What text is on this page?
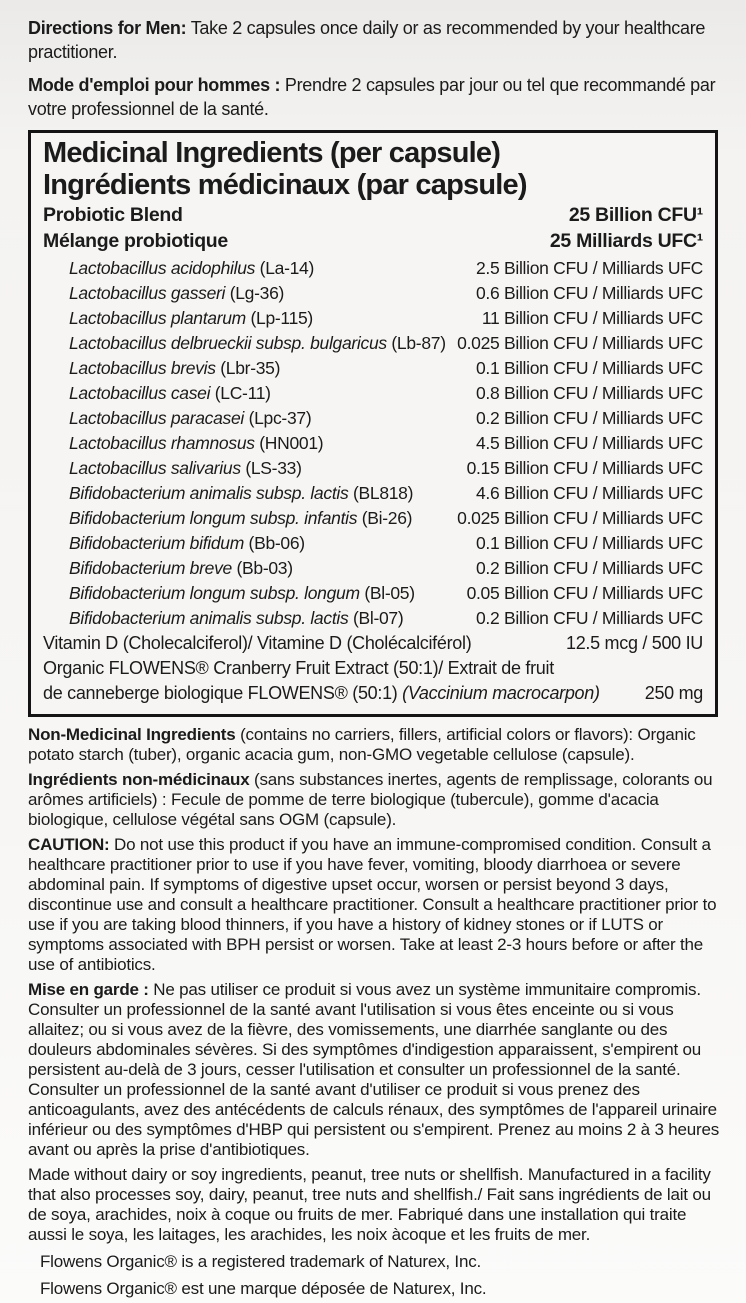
Directions for Men: Take 2 capsules once daily or as recommended by your healthcare practitioner.

Mode d'emploi pour hommes : Prendre 2 capsules par jour ou tel que recommandé par votre professionnel de la santé.

Medicinal Ingredients (per capsule)
Ingrédients médicinaux (par capsule)
Probiotic Blend	25 Billion CFU¹
Mélange probiotique	25 Milliards UFC¹
Lactobacillus acidophilus (La-14)	2.5 Billion CFU / Milliards UFC
Lactobacillus gasseri (Lg-36)	0.6 Billion CFU / Milliards UFC
Lactobacillus plantarum (Lp-115)	11 Billion CFU / Milliards UFC
Lactobacillus delbrueckii subsp. bulgaricus (Lb-87) 0.025 Billion CFU / Milliards UFC
Lactobacillus brevis (Lbr-35)	0.1 Billion CFU / Milliards UFC
Lactobacillus casei (LC-11)	0.8 Billion CFU / Milliards UFC
Lactobacillus paracasei (Lpc-37)	0.2 Billion CFU / Milliards UFC
Lactobacillus rhamnosus (HN001)	4.5 Billion CFU / Milliards UFC
Lactobacillus salivarius (LS-33)	0.15 Billion CFU / Milliards UFC
Bifidobacterium animalis subsp. lactis (BL818)	4.6 Billion CFU / Milliards UFC
Bifidobacterium longum subsp. infantis (Bi-26)	0.025 Billion CFU / Milliards UFC
Bifidobacterium bifidum (Bb-06)	0.1 Billion CFU / Milliards UFC
Bifidobacterium breve (Bb-03)	0.2 Billion CFU / Milliards UFC
Bifidobacterium longum subsp. longum (Bl-05)	0.05 Billion CFU / Milliards UFC
Bifidobacterium animalis subsp. lactis (Bl-07)	0.2 Billion CFU / Milliards UFC
Vitamin D (Cholecalciferol)/ Vitamine D (Cholécalciférol)	12.5 mcg / 500 IU
Organic FLOWENS® Cranberry Fruit Extract (50:1)/ Extrait de fruit
de canneberge biologique FLOWENS® (50:1) (Vaccinium macrocarpon)	250 mg

Non-Medicinal Ingredients (contains no carriers, fillers, artificial colors or flavors): Organic potato starch (tuber), organic acacia gum, non-GMO vegetable cellulose (capsule).

Ingrédients non-médicinaux (sans substances inertes, agents de remplissage, colorants ou arômes artificiels) : Fecule de pomme de terre biologique (tubercule), gomme d'acacia biologique, cellulose végétal sans OGM (capsule).

CAUTION: Do not use this product if you have an immune-compromised condition. Consult a healthcare practitioner prior to use if you have fever, vomiting, bloody diarrhoea or severe abdominal pain. If symptoms of digestive upset occur, worsen or persist beyond 3 days, discontinue use and consult a healthcare practitioner. Consult a healthcare practitioner prior to use if you are taking blood thinners, if you have a history of kidney stones or if LUTS or symptoms associated with BPH persist or worsen. Take at least 2-3 hours before or after the use of antibiotics.

Mise en garde : Ne pas utiliser ce produit si vous avez un système immunitaire compromis. Consulter un professionnel de la santé avant l'utilisation si vous êtes enceinte ou si vous allaitez; ou si vous avez de la fièvre, des vomissements, une diarrhée sanglante ou des douleurs abdominales sévères. Si des symptômes d'indigestion apparaissent, s'empirent ou persistent au-delà de 3 jours, cesser l'utilisation et consulter un professionnel de la santé. Consulter un professionnel de la santé avant d'utiliser ce produit si vous prenez des anticoagulants, avez des antécédents de calculs rénaux, des symptômes de l'appareil urinaire inférieur ou des symptômes d'HBP qui persistent ou s'empirent. Prenez au moins 2 à 3 heures avant ou après la prise d'antibiotiques.

Made without dairy or soy ingredients, peanut, tree nuts or shellfish. Manufactured in a facility that also processes soy, dairy, peanut, tree nuts and shellfish./ Fait sans ingrédients de lait ou de soya, arachides, noix à coque ou fruits de mer. Fabriqué dans une installation qui traite aussi le soya, les laitages, les arachides, les noix àcoque et les fruits de mer.

Flowens Organic® is a registered trademark of Naturex, Inc.

Flowens Organic® est une marque déposée de Naturex, Inc.
